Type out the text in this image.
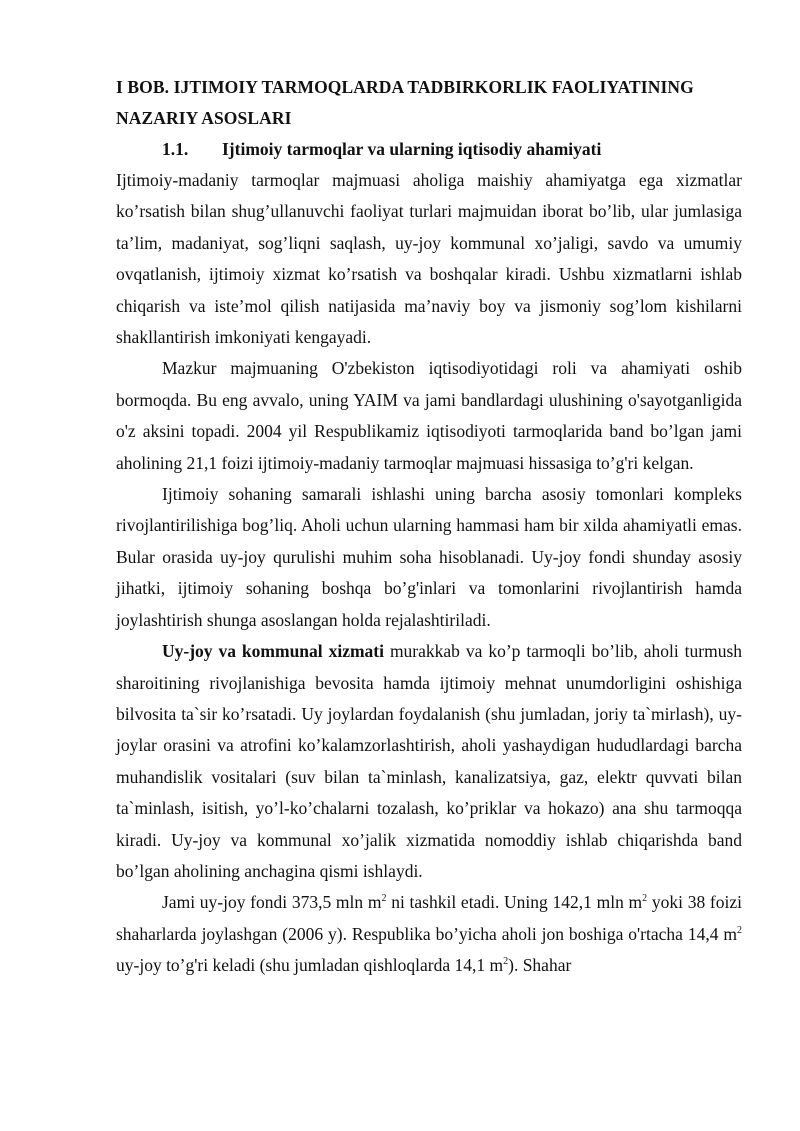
I BOB. IJTIMOIY TARMOQLARDA TADBIRKORLIK FAOLIYATINING NAZARIY ASOSLARI
1.1.	Ijtimoiy tarmoqlar va ularning iqtisodiy ahamiyati

Ijtimoiy-madaniy tarmoqlar majmuasi aholiga maishiy ahamiyatga ega xizmatlar ko’rsatish bilan shug’ullanuvchi faoliyat turlari majmuidan iborat bo’lib, ular jumlasiga ta’lim, madaniyat, sog’liqni saqlash, uy-joy kommunal xo’jaligi, savdo va umumiy ovqatlanish, ijtimoiy xizmat ko’rsatish va boshqalar kiradi. Ushbu xizmatlarni ishlab chiqarish va iste’mol qilish natijasida ma’naviy boy va jismoniy sog’lom kishilarni shakllantirish imkoniyati kengayadi.

Mazkur majmuaning O'zbekiston iqtisodiyotidagi roli va ahamiyati oshib bormoqda. Bu eng avvalo, uning YAIM va jami bandlardagi ulushining o'sayotganligida o'z aksini topadi. 2004 yil Respublikamiz iqtisodiyoti tarmoqlarida band bo’lgan jami aholining 21,1 foizi ijtimoiy-madaniy tarmoqlar majmuasi hissasiga to’g'ri kelgan.

Ijtimoiy sohaning samarali ishlashi uning barcha asosiy tomonlari kompleks rivojlantirilishiga bog’liq. Aholi uchun ularning hammasi ham bir xilda ahamiyatli emas. Bular orasida uy-joy qurulishi muhim soha hisoblanadi. Uy-joy fondi shunday asosiy jihatki, ijtimoiy sohaning boshqa bo’g'inlari va tomonlarini rivojlantirish hamda joylashtirish shunga asoslangan holda rejalashtiriladi.

Uy-joy va kommunal xizmati murakkab va ko’p tarmoqli bo’lib, aholi turmush sharoitining rivojlanishiga bevosita hamda ijtimoiy mehnat unumdorligini oshishiga bilvosita ta`sir ko’rsatadi. Uy joylardan foydalanish (shu jumladan, joriy ta`mirlash), uy-joylar orasini va atrofini ko’kalamzorlashtirish, aholi yashaydigan hududlardagi barcha muhandislik vositalari (suv bilan ta`minlash, kanalizatsiya, gaz, elektr quvvati bilan ta`minlash, isitish, yo’l-ko’chalarni tozalash, ko’priklar va hokazo) ana shu tarmoqqa kiradi. Uy-joy va kommunal xo’jalik xizmatida nomoddiy ishlab chiqarishda band bo’lgan aholining anchagina qismi ishlaydi.

Jami uy-joy fondi 373,5 mln $m^2$ ni tashkil etadi. Uning 142,1 mln $m^2$ yoki 38 foizi shaharlarda joylashgan (2006 y). Respublika bo’yicha aholi jon boshiga o'rtacha 14,4 $m^2$ uy-joy to’g'ri keladi (shu jumladan qishloqlarda 14,1 $m^2$). Shahar
